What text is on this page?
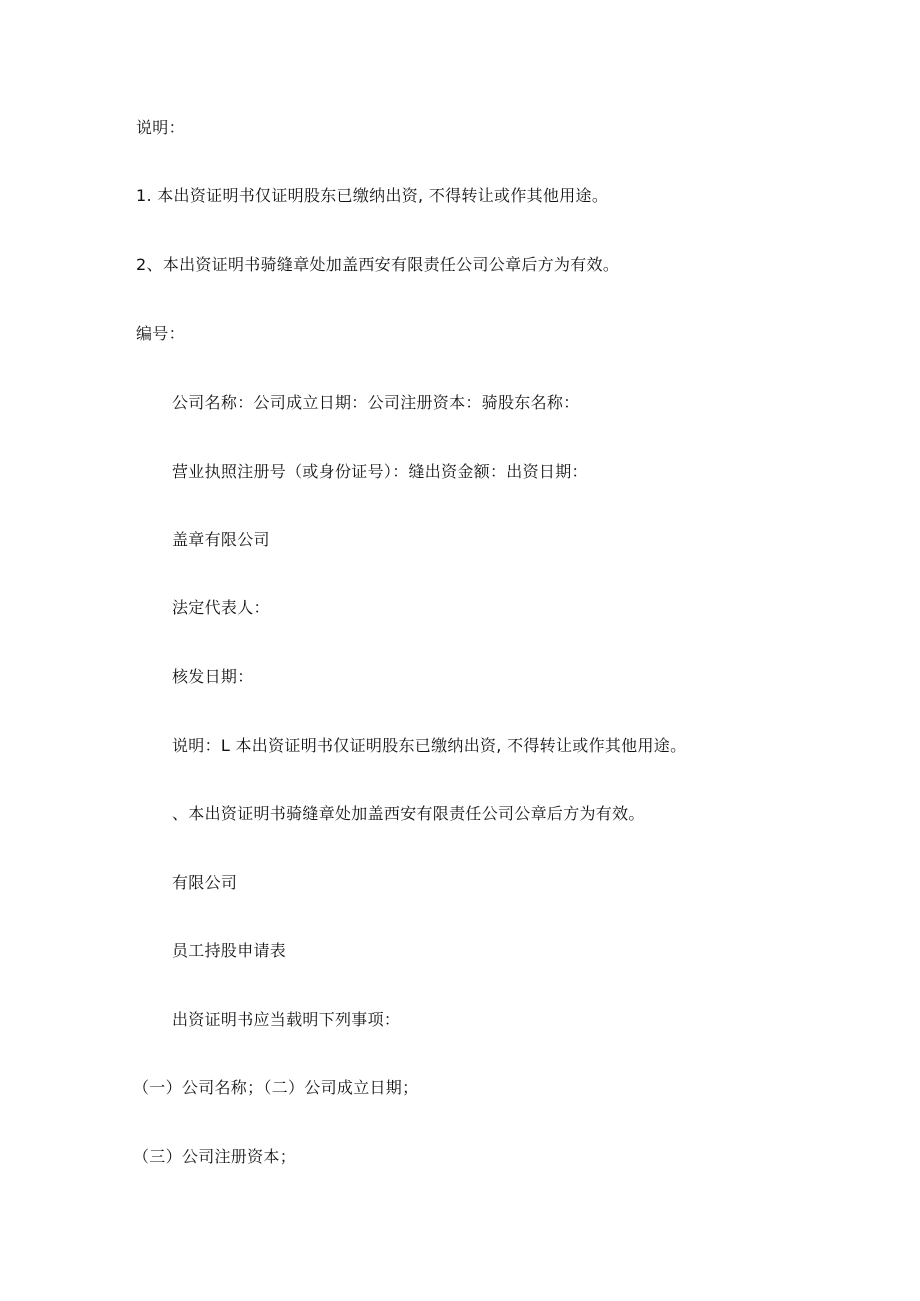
说明：
1. 本出资证明书仅证明股东已缴纳出资, 不得转让或作其他用途。
2、本出资证明书骑缝章处加盖西安有限责任公司公章后方为有效。
编号：
公司名称：公司成立日期：公司注册资本：骑股东名称：
营业执照注册号（或身份证号）：缝出资金额：出资日期：
盖章有限公司
法定代表人：
核发日期：
说明：L 本出资证明书仅证明股东已缴纳出资, 不得转让或作其他用途。
、本出资证明书骑缝章处加盖西安有限责任公司公章后方为有效。
有限公司
员工持股申请表
出资证明书应当载明下列事项：
（一）公司名称；（二）公司成立日期；
（三）公司注册资本；
